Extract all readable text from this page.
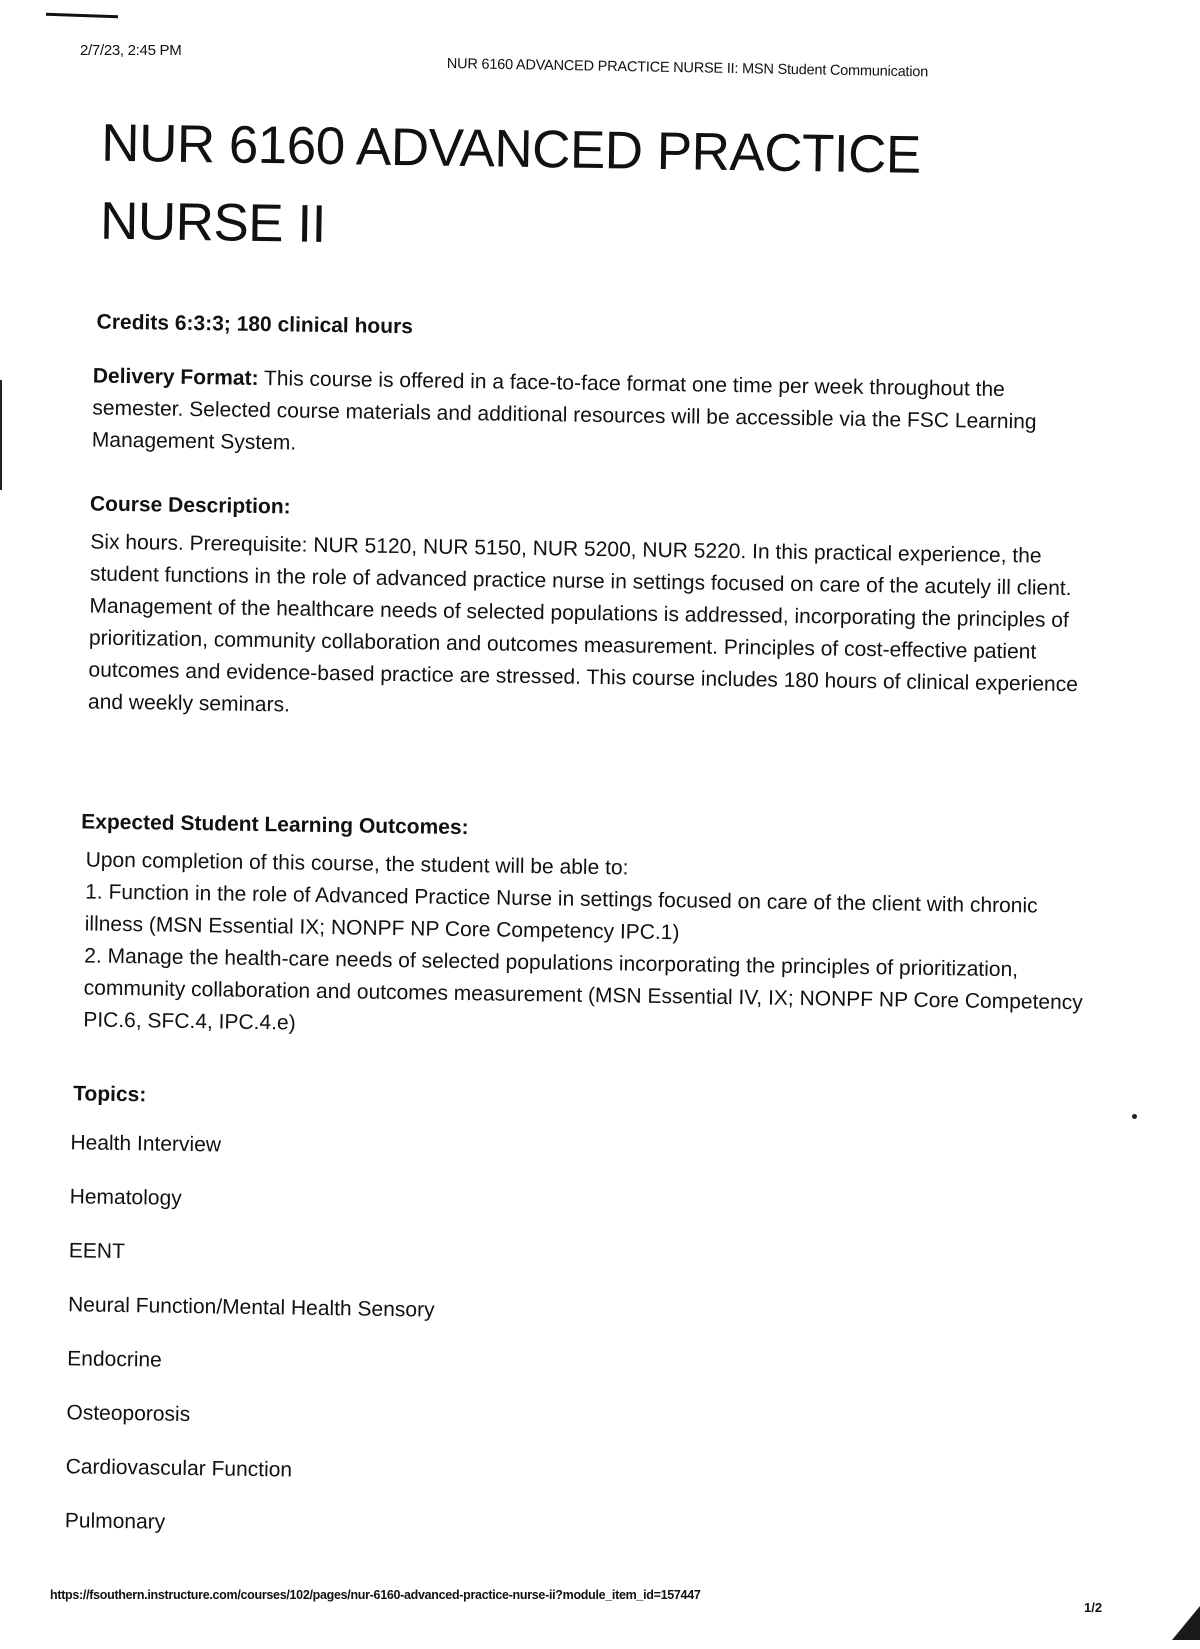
2/7/23, 2:45 PM
NUR 6160 ADVANCED PRACTICE NURSE II: MSN Student Communication
NUR 6160 ADVANCED PRACTICE NURSE II
Credits 6:3:3; 180 clinical hours

Delivery Format: This course is offered in a face-to-face format one time per week throughout the semester. Selected course materials and additional resources will be accessible via the FSC Learning Management System.

Course Description:

Six hours. Prerequisite: NUR 5120, NUR 5150, NUR 5200, NUR 5220. In this practical experience, the student functions in the role of advanced practice nurse in settings focused on care of the acutely ill client. Management of the healthcare needs of selected populations is addressed, incorporating the principles of prioritization, community collaboration and outcomes measurement. Principles of cost-effective patient outcomes and evidence-based practice are stressed. This course includes 180 hours of clinical experience and weekly seminars.

Expected Student Learning Outcomes:
Upon completion of this course, the student will be able to:
1. Function in the role of Advanced Practice Nurse in settings focused on care of the client with chronic illness (MSN Essential IX; NONPF NP Core Competency IPC.1)
2. Manage the health-care needs of selected populations incorporating the principles of prioritization, community collaboration and outcomes measurement (MSN Essential IV, IX; NONPF NP Core Competency PIC.6, SFC.4, IPC.4.e)
Topics:
Health Interview
Hematology
EENT
Neural Function/Mental Health Sensory
Endocrine
Osteoporosis
Cardiovascular Function
Pulmonary
https://fsouthern.instructure.com/courses/102/pages/nur-6160-advanced-practice-nurse-ii?module_item_id=157447
1/2
